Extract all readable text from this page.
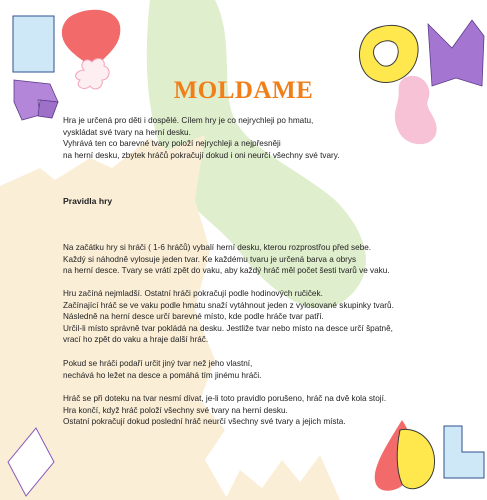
MOLDAME

Hra je určená pro děti i dospělé. Cílem hry je co nejrychleji po hmatu,

vyskládat své tvary na herní desku.

Vyhrává ten co barevné tvary položí nejrychleji a nejpřesněji

na herní desku, zbytek hráčů pokračují dokud i oni neurčí všechny své tvary.

Pravidla hry

Na začátku hry si hráči ( 1-6 hráčů) vybalí herní desku, kterou rozprostřou před sebe.

Každý si náhodně vylosuje jeden tvar. Ke každému tvaru je určená barva a obrys

na herní desce. Tvary se vrátí zpět do vaku, aby každý hráč měl počet šesti tvarů ve vaku.

Hru začíná nejmladší. Ostatní hráči pokračují podle hodinových ručiček.

Začínající hráč se ve vaku podle hmatu snaží vytáhnout jeden z vylosované skupinky tvarů.

Následně na herní desce určí barevné místo, kde podle hráče tvar patří.

Určil-li místo správně tvar pokládá na desku. Jestliže tvar nebo místo na desce určí špatně,

vrací ho zpět do vaku a hraje další hráč.

Pokud se hráči podaří určit jiný tvar než jeho vlastní,

nechává ho ležet na desce a pomáhá tím jinému hráči.

Hráč se při doteku na tvar nesmí dívat, je-li toto pravidlo porušeno, hráč na dvě kola stojí.

Hra končí, když hráč položí všechny své tvary na herní desku.

Ostatní pokračují dokud poslední hráč neurčí všechny své tvary a jejich místa.
